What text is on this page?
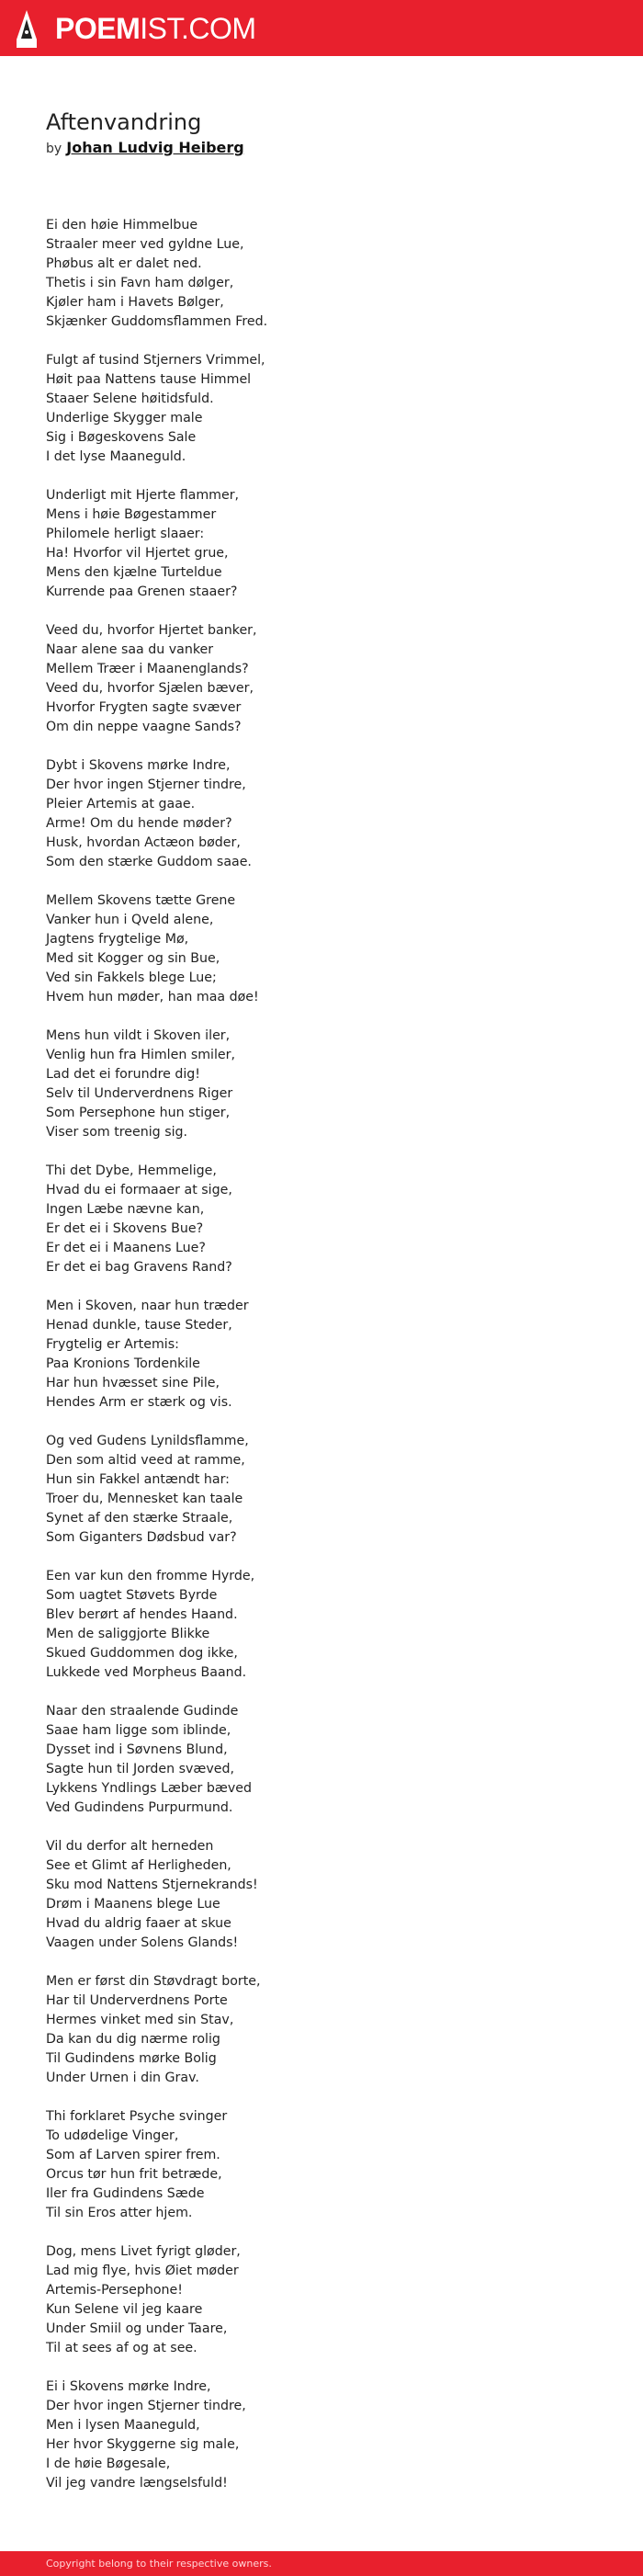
POEMIST.COM
Aftenvandring
by Johan Ludvig Heiberg
Ei den høie Himmelbue
Straaler meer ved gyldne Lue,
Phøbus alt er dalet ned.
Thetis i sin Favn ham dølger,
Kjøler ham i Havets Bølger,
Skjænker Guddomsflammen Fred.
Fulgt af tusind Stjerners Vrimmel,
Høit paa Nattens tause Himmel
Staaer Selene høitidsfuld.
Underlige Skygger male
Sig i Bøgeskovens Sale
I det lyse Maaneguld.
Underligt mit Hjerte flammer,
Mens i høie Bøgestammer
Philomele herligt slaaer:
Ha! Hvorfor vil Hjertet grue,
Mens den kjælne Turteldue
Kurrende paa Grenen staaer?
Veed du, hvorfor Hjertet banker,
Naar alene saa du vanker
Mellem Træer i Maanenglands?
Veed du, hvorfor Sjælen bæver,
Hvorfor Frygten sagte svæver
Om din neppe vaagne Sands?
Dybt i Skovens mørke Indre,
Der hvor ingen Stjerner tindre,
Pleier Artemis at gaae.
Arme! Om du hende møder?
Husk, hvordan Actæon bøder,
Som den stærke Guddom saae.
Mellem Skovens tætte Grene
Vanker hun i Qveld alene,
Jagtens frygtelige Mø,
Med sit Kogger og sin Bue,
Ved sin Fakkels blege Lue;
Hvem hun møder, han maa døe!
Mens hun vildt i Skoven iler,
Venlig hun fra Himlen smiler,
Lad det ei forundre dig!
Selv til Underverdnens Riger
Som Persephone hun stiger,
Viser som treenig sig.
Thi det Dybe, Hemmelige,
Hvad du ei formaaer at sige,
Ingen Læbe nævne kan,
Er det ei i Skovens Bue?
Er det ei i Maanens Lue?
Er det ei bag Gravens Rand?
Men i Skoven, naar hun træder
Henad dunkle, tause Steder,
Frygtelig er Artemis:
Paa Kronions Tordenkile
Har hun hvæsset sine Pile,
Hendes Arm er stærk og vis.
Og ved Gudens Lynildsflamme,
Den som altid veed at ramme,
Hun sin Fakkel antændt har:
Troer du, Mennesket kan taale
Synet af den stærke Straale,
Som Giganters Dødsbud var?
Een var kun den fromme Hyrde,
Som uagtet Støvets Byrde
Blev berørt af hendes Haand.
Men de saliggjorte Blikke
Skued Guddommen dog ikke,
Lukkede ved Morpheus Baand.
Naar den straalende Gudinde
Saae ham ligge som iblinde,
Dysset ind i Søvnens Blund,
Sagte hun til Jorden svæved,
Lykkens Yndlings Læber bæved
Ved Gudindens Purpurmund.
Vil du derfor alt herneden
See et Glimt af Herligheden,
Sku mod Nattens Stjernekrands!
Drøm i Maanens blege Lue
Hvad du aldrig faaer at skue
Vaagen under Solens Glands!
Men er først din Støvdragt borte,
Har til Underverdnens Porte
Hermes vinket med sin Stav,
Da kan du dig nærme rolig
Til Gudindens mørke Bolig
Under Urnen i din Grav.
Thi forklaret Psyche svinger
To udødelige Vinger,
Som af Larven spirer frem.
Orcus tør hun frit betræde,
Iler fra Gudindens Sæde
Til sin Eros atter hjem.
Dog, mens Livet fyrigt gløder,
Lad mig flye, hvis Øiet møder
Artemis-Persephone!
Kun Selene vil jeg kaare
Under Smiil og under Taare,
Til at sees af og at see.
Ei i Skovens mørke Indre,
Der hvor ingen Stjerner tindre,
Men i lysen Maaneguld,
Her hvor Skyggerne sig male,
I de høie Bøgesale,
Vil jeg vandre længselsfuld!
Copyright belong to their respective owners.
